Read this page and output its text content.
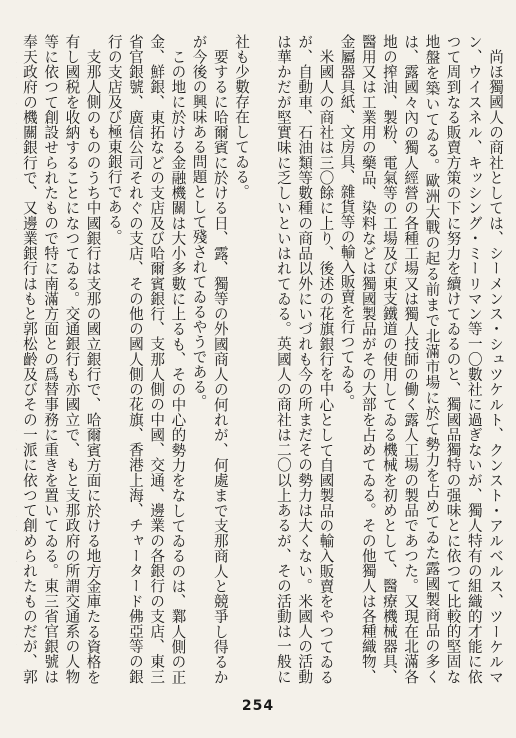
尚ほ獨國人の商社としては、シーメンス・シュツケルト、クンスト・アルベルス、ツーケルマン、ウイスネル、キッシング・ミーリマン等一〇數社に過ぎないが、獨人特有の組織的才能に依つて周到なる販賣方策の下に努力を續けてゐるのと、獨國品獨特の强味とに依つて比較的堅固な地盤を築いてゐる。歐洲大戰の起る前まで北滿市場に於て勢力を占めてゐた露國製商品の多くは、露國々內の獨人經營の各種工場又は獨人技師の働く露人工場の製品であつた。又現在北滿各地の搾油、製粉、電氣等の工場及び東支鐵道の使用してゐる機械を初めとして、醫療機械器具、醫用又は工業用の藥品、染料などは獨國製品がその大部を占めてゐる。その他獨人は各種織物、金屬器具紙、文房具、雜貨等の輸入販賣を行つてゐる。

米國人の商社は三〇餘に上り、後述の花旗銀行を中心として自國製品の輸入販賣をやつてゐるが、自動車、石油類等數種の商品以外にいづれも今の所まだその勢力は大くない。米國人の活動は華かだが堅實味に乏しいといはれてゐる。英國人の商社は二〇以上あるが、その活動は一般に

社も少數存在してゐる。

要するに哈爾賓に於ける日、露、獨等の外國商人の何れが、何處まで支那商人と競爭し得るかが今後の興味ある問題として殘されてゐるやうである。

この地に於ける金融機關は大小多數に上るも、その中心的勢力をなしてゐるのは、鄴人側の正金、鮮銀、東拓などの支店及び哈爾賓銀行、支那人側の中國、交通、邊業の各銀行の支店、東三省官銀號、廣信公司それぐの支店、その他の國人側の花旗、香港上海、チャータード佛亞等の銀行の支店及び極東銀行である。

支那人側のもののうち中國銀行は支那の國立銀行で、哈爾賓方面に於ける地方金庫たる資格を有し國税を收納することになつてゐる。交通銀行も亦國立で、もと支那政府の所謂交通系の人物等に依つて創設せられたもので特に南滿方面との爲替事務に重きを置いてゐる。東三省官銀號は奉天政府の機關銀行で、又邊業銀行はもと郭松齡及びその一派に依つて創められたものだが、郭

254
